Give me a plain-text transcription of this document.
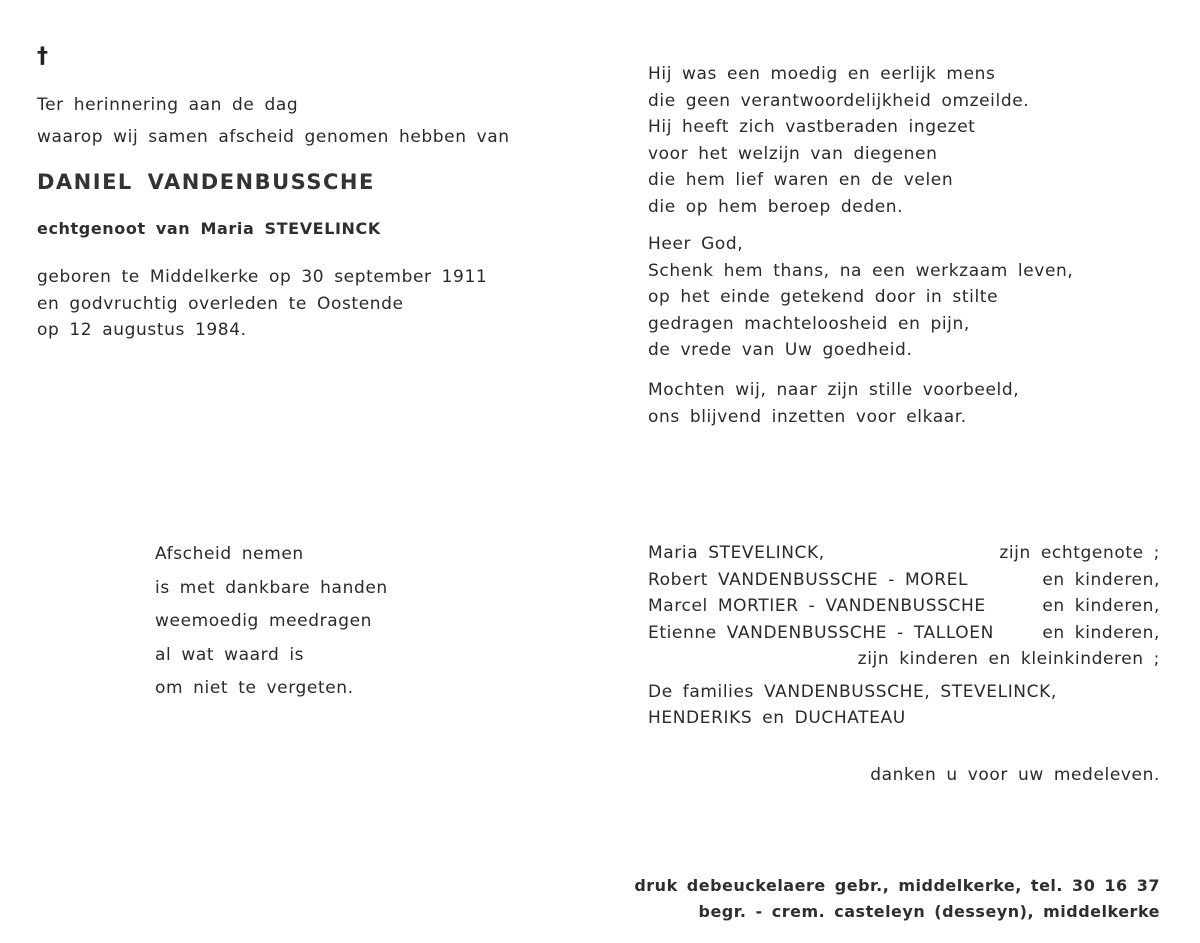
†
Ter herinnering aan de dag
waarop wij samen afscheid genomen hebben van
DANIEL VANDENBUSSCHE
echtgenoot van Maria STEVELINCK
geboren te Middelkerke op 30 september 1911
en godvruchtig overleden te Oostende
op 12 augustus 1984.
Hij was een moedig en eerlijk mens
die geen verantwoordelijkheid omzeilde.
Hij heeft zich vastberaden ingezet
voor het welzijn van diegenen
die hem lief waren en de velen
die op hem beroep deden.
Heer God,
Schenk hem thans, na een werkzaam leven,
op het einde getekend door in stilte
gedragen machteloosheid en pijn,
de vrede van Uw goedheid.
Mochten wij, naar zijn stille voorbeeld,
ons blijvend inzetten voor elkaar.
Afscheid nemen
is met dankbare handen
weemoedig meedragen
al wat waard is
om niet te vergeten.
Maria STEVELINCK,	zijn echtgenote ;
Robert VANDENBUSSCHE - MOREL	en kinderen,
Marcel MORTIER - VANDENBUSSCHE	en kinderen,
Etienne VANDENBUSSCHE - TALLOEN	en kinderen,
zijn kinderen en kleinkinderen ;
De families VANDENBUSSCHE, STEVELINCK,
HENDERIKS en DUCHATEAU
danken u voor uw medeleven.
druk debeuckelaere gebr., middelkerke, tel. 30 16 37
begr. - crem. casteleyn (desseyn), middelkerke
